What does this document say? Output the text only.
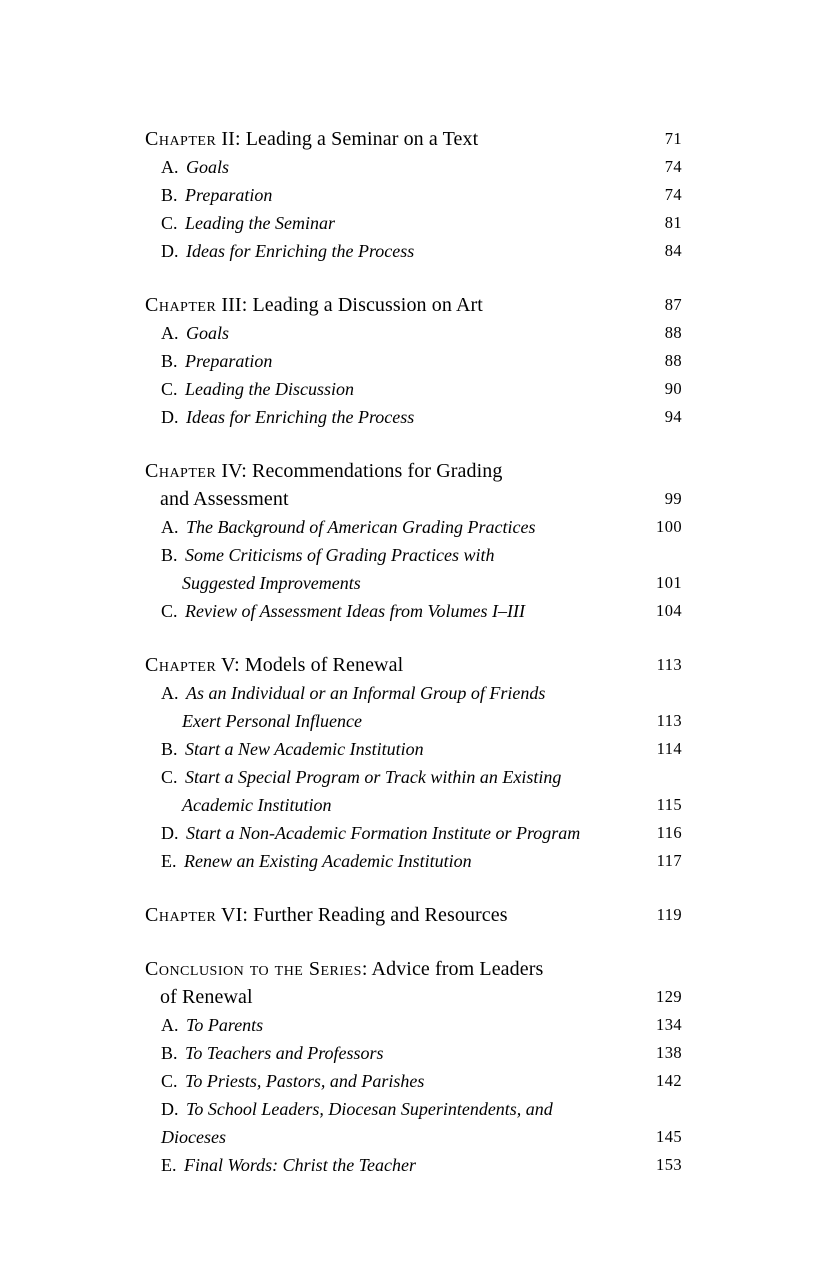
Chapter II: Leading a Seminar on a Text	71
A. Goals	74
B. Preparation	74
C. Leading the Seminar	81
D. Ideas for Enriching the Process	84
Chapter III: Leading a Discussion on Art	87
A. Goals	88
B. Preparation	88
C. Leading the Discussion	90
D. Ideas for Enriching the Process	94
Chapter IV: Recommendations for Grading
and Assessment	99
A. The Background of American Grading Practices	100
B. Some Criticisms of Grading Practices with
Suggested Improvements	101
C. Review of Assessment Ideas from Volumes I–III	104
Chapter V: Models of Renewal	113
A. As an Individual or an Informal Group of Friends
Exert Personal Influence	113
B. Start a New Academic Institution	114
C. Start a Special Program or Track within an Existing
Academic Institution	115
D. Start a Non-Academic Formation Institute or Program	116
E. Renew an Existing Academic Institution	117
Chapter VI: Further Reading and Resources	119
Conclusion to the Series: Advice from Leaders
of Renewal	129
A. To Parents	134
B. To Teachers and Professors	138
C. To Priests, Pastors, and Parishes	142
D. To School Leaders, Diocesan Superintendents, and Dioceses	145
E. Final Words: Christ the Teacher	153
